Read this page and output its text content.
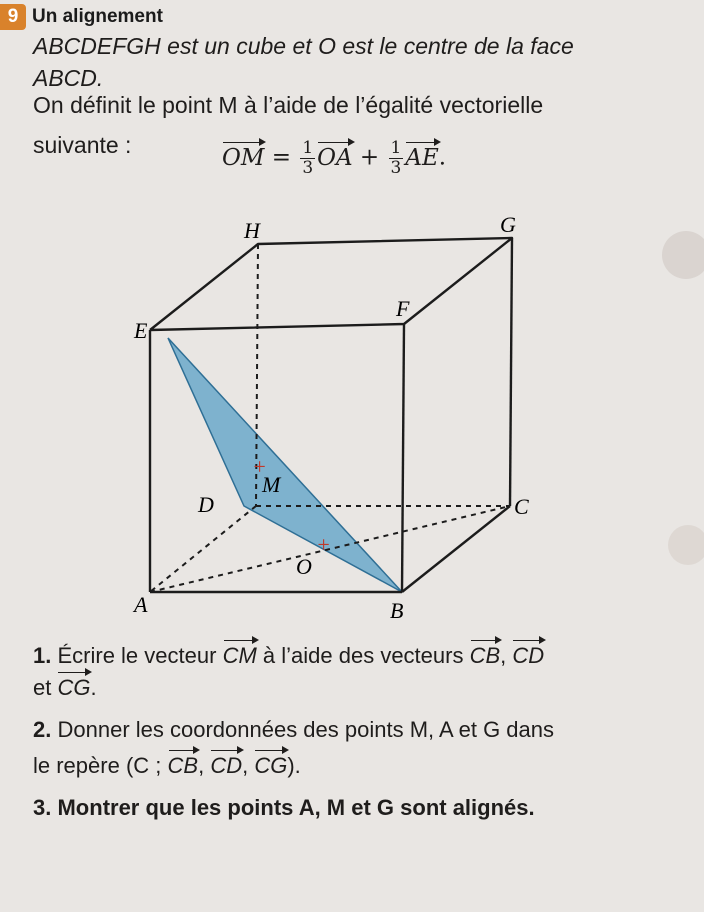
9 Un alignement
ABCDEFGH est un cube et O est le centre de la face
ABCD.
On définit le point M à l’aide de l’égalité vectorielle
suivante :	OM = $\frac{1}{3}$ OA + $\frac{1}{3}$ AE.
H	G
F
E
D	C
A	B
+
M
+
O
1. Écrire le vecteur CM à l’aide des vecteurs CB, CD
et CG.
2. Donner les coordonnées des points M, A et G dans
le repère (C ; CB, CD, CG).
3. Montrer que les points A, M et G sont alignés.
